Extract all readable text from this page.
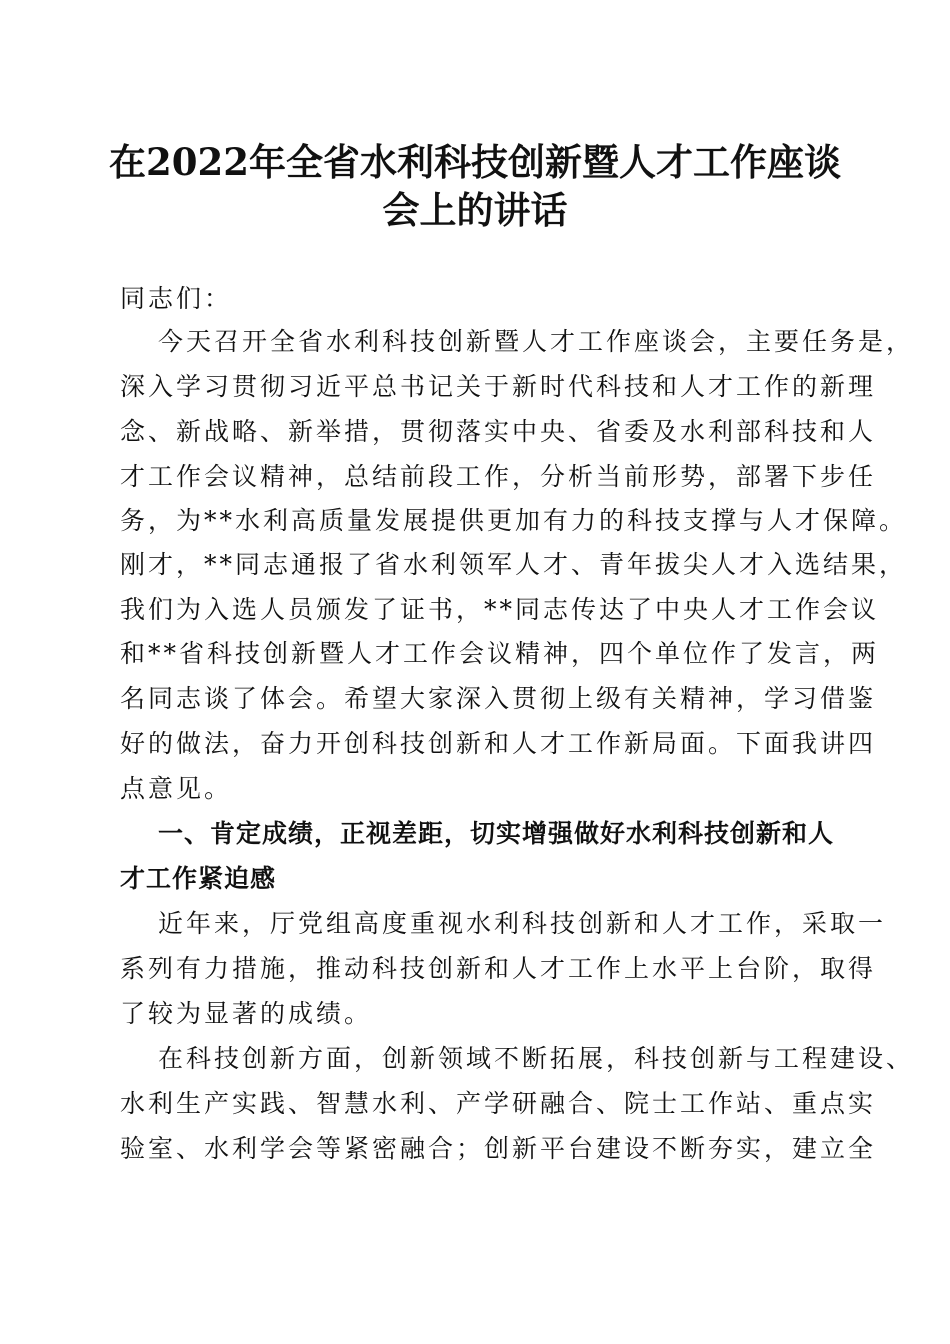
在2022年全省水利科技创新暨人才工作座谈
会上的讲话
同志们：
今天召开全省水利科技创新暨人才工作座谈会，主要任务是，
深入学习贯彻习近平总书记关于新时代科技和人才工作的新理
念、新战略、新举措，贯彻落实中央、省委及水利部科技和人
才工作会议精神，总结前段工作，分析当前形势，部署下步任
务，为**水利高质量发展提供更加有力的科技支撑与人才保障。
刚才，**同志通报了省水利领军人才、青年拔尖人才入选结果，
我们为入选人员颁发了证书，**同志传达了中央人才工作会议
和**省科技创新暨人才工作会议精神，四个单位作了发言，两
名同志谈了体会。希望大家深入贯彻上级有关精神，学习借鉴
好的做法，奋力开创科技创新和人才工作新局面。下面我讲四
点意见。
一、肯定成绩，正视差距，切实增强做好水利科技创新和人
才工作紧迫感
近年来，厅党组高度重视水利科技创新和人才工作，采取一
系列有力措施，推动科技创新和人才工作上水平上台阶，取得
了较为显著的成绩。
在科技创新方面，创新领域不断拓展，科技创新与工程建设、
水利生产实践、智慧水利、产学研融合、院士工作站、重点实
验室、水利学会等紧密融合；创新平台建设不断夯实，建立全
